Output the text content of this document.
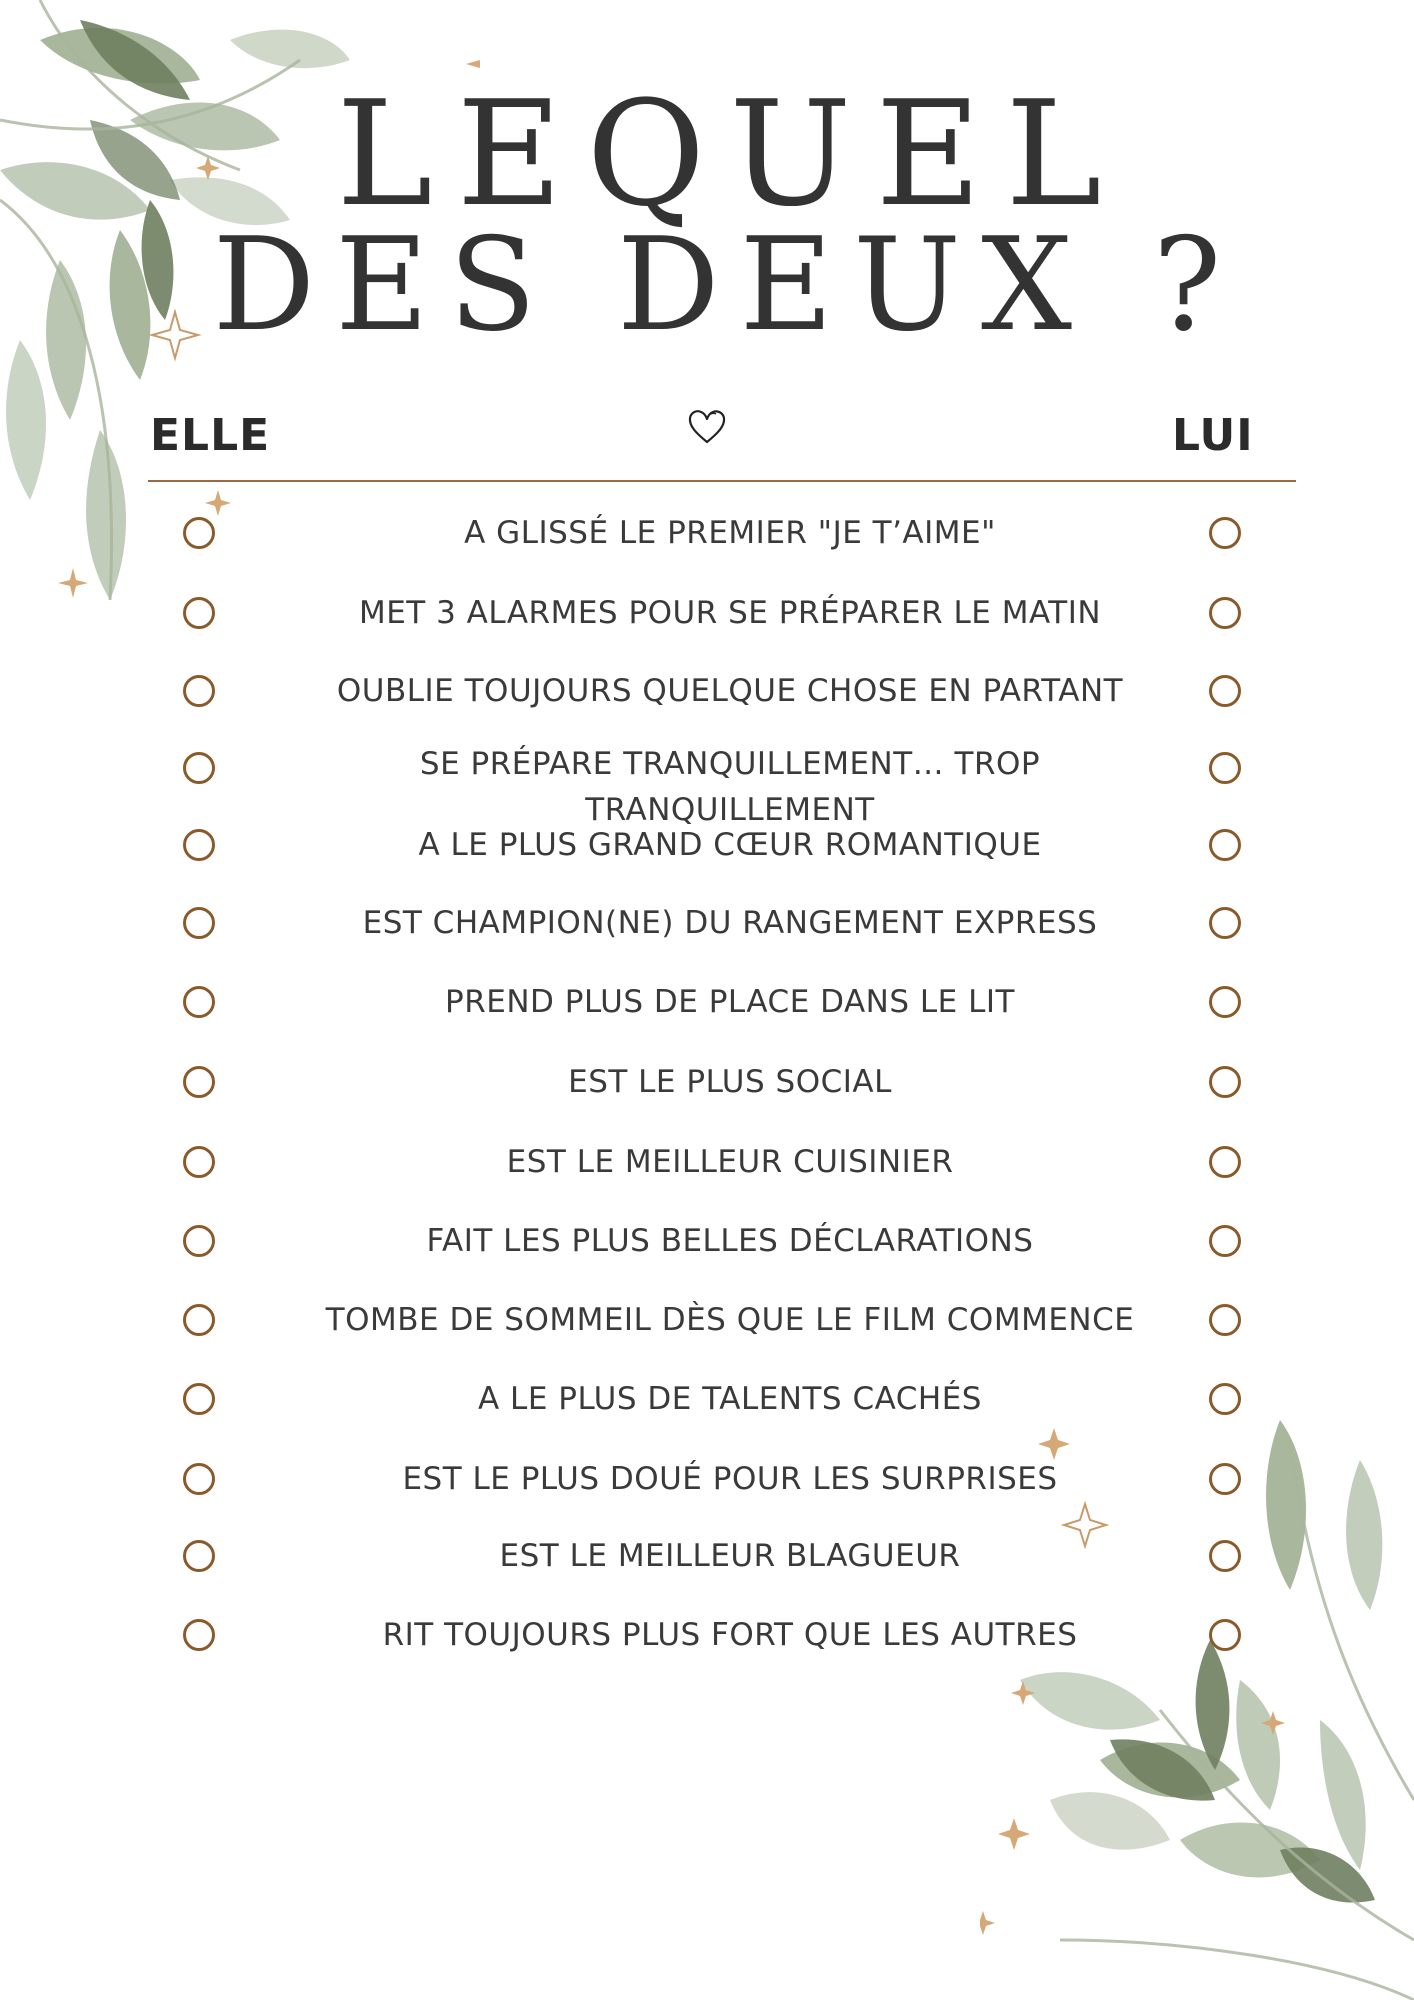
LEQUEL
DES DEUX ?
ELLE	LUI
A GLISSÉ LE PREMIER "JE T’AIME"
MET 3 ALARMES POUR SE PRÉPARER LE MATIN
OUBLIE TOUJOURS QUELQUE CHOSE EN PARTANT
SE PRÉPARE TRANQUILLEMENT… TROP TRANQUILLEMENT
A LE PLUS GRAND CŒUR ROMANTIQUE
EST CHAMPION(NE) DU RANGEMENT EXPRESS
PREND PLUS DE PLACE DANS LE LIT
EST LE PLUS SOCIAL
EST LE MEILLEUR CUISINIER
FAIT LES PLUS BELLES DÉCLARATIONS
TOMBE DE SOMMEIL DÈS QUE LE FILM COMMENCE
A LE PLUS DE TALENTS CACHÉS
EST LE PLUS DOUÉ POUR LES SURPRISES
EST LE MEILLEUR BLAGUEUR
RIT TOUJOURS PLUS FORT QUE LES AUTRES
